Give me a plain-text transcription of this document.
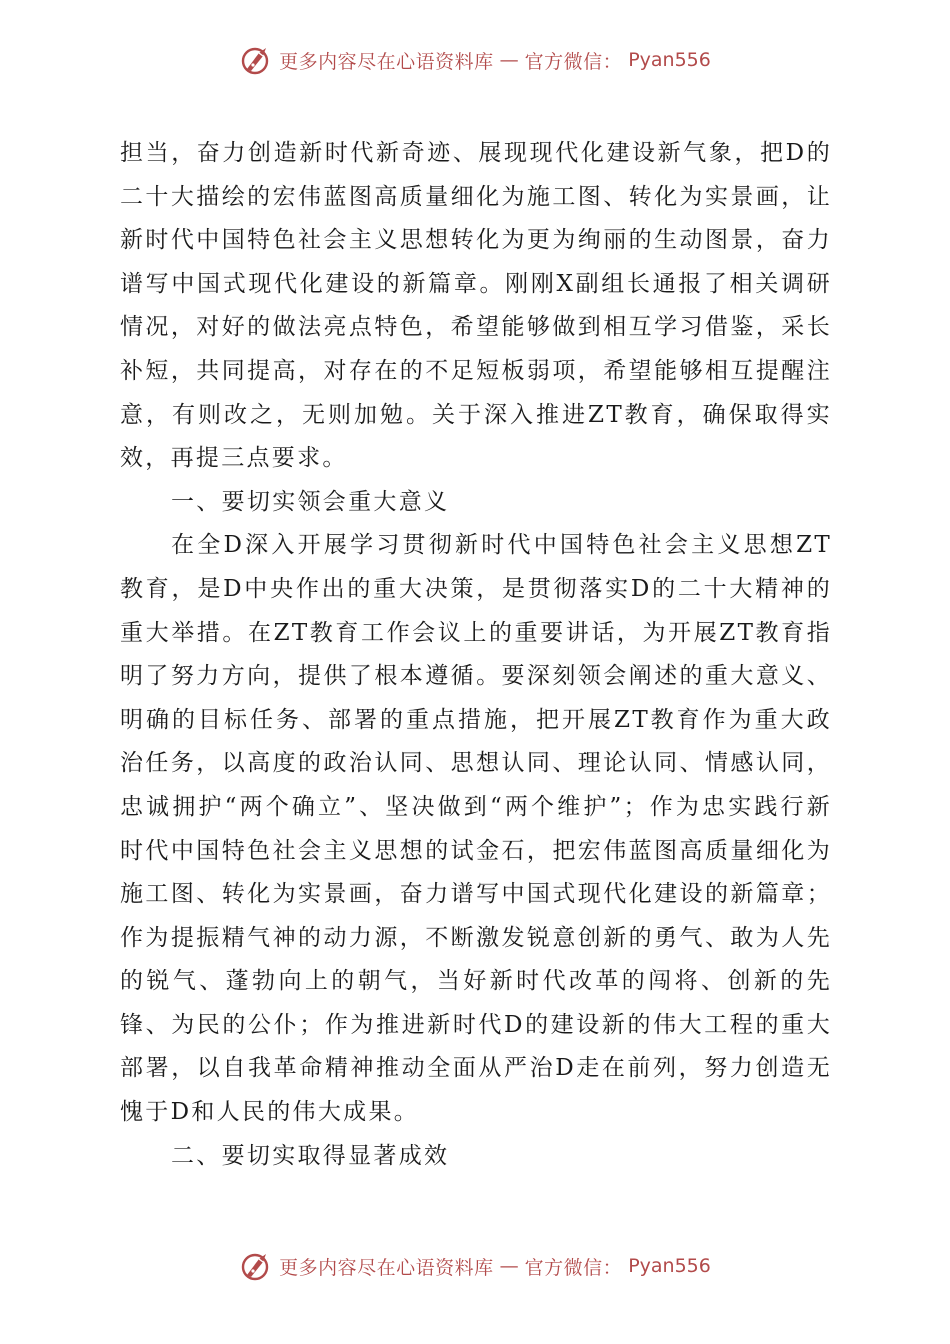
更多内容尽在心语资料库 — 官方微信： Pyan556

担当，奋力创造新时代新奇迹、展现现代化建设新气象，把D的二十大描绘的宏伟蓝图高质量细化为施工图、转化为实景画，让新时代中国特色社会主义思想转化为更为绚丽的生动图景，奋力谱写中国式现代化建设的新篇章。刚刚X副组长通报了相关调研情况，对好的做法亮点特色，希望能够做到相互学习借鉴，采长补短，共同提高，对存在的不足短板弱项，希望能够相互提醒注意，有则改之，无则加勉。关于深入推进ZT教育，确保取得实效，再提三点要求。

一、要切实领会重大意义

在全D深入开展学习贯彻新时代中国特色社会主义思想ZT教育，是D中央作出的重大决策，是贯彻落实D的二十大精神的重大举措。在ZT教育工作会议上的重要讲话，为开展ZT教育指明了努力方向，提供了根本遵循。要深刻领会阐述的重大意义、明确的目标任务、部署的重点措施，把开展ZT教育作为重大政治任务，以高度的政治认同、思想认同、理论认同、情感认同，忠诚拥护“两个确立”、坚决做到“两个维护”；作为忠实践行新时代中国特色社会主义思想的试金石，把宏伟蓝图高质量细化为施工图、转化为实景画，奋力谱写中国式现代化建设的新篇章；作为提振精气神的动力源，不断激发锐意创新的勇气、敢为人先的锐气、蓬勃向上的朝气，当好新时代改革的闯将、创新的先锋、为民的公仆；作为推进新时代D的建设新的伟大工程的重大部署，以自我革命精神推动全面从严治D走在前列，努力创造无愧于D和人民的伟大成果。

二、要切实取得显著成效

更多内容尽在心语资料库 — 官方微信： Pyan556
